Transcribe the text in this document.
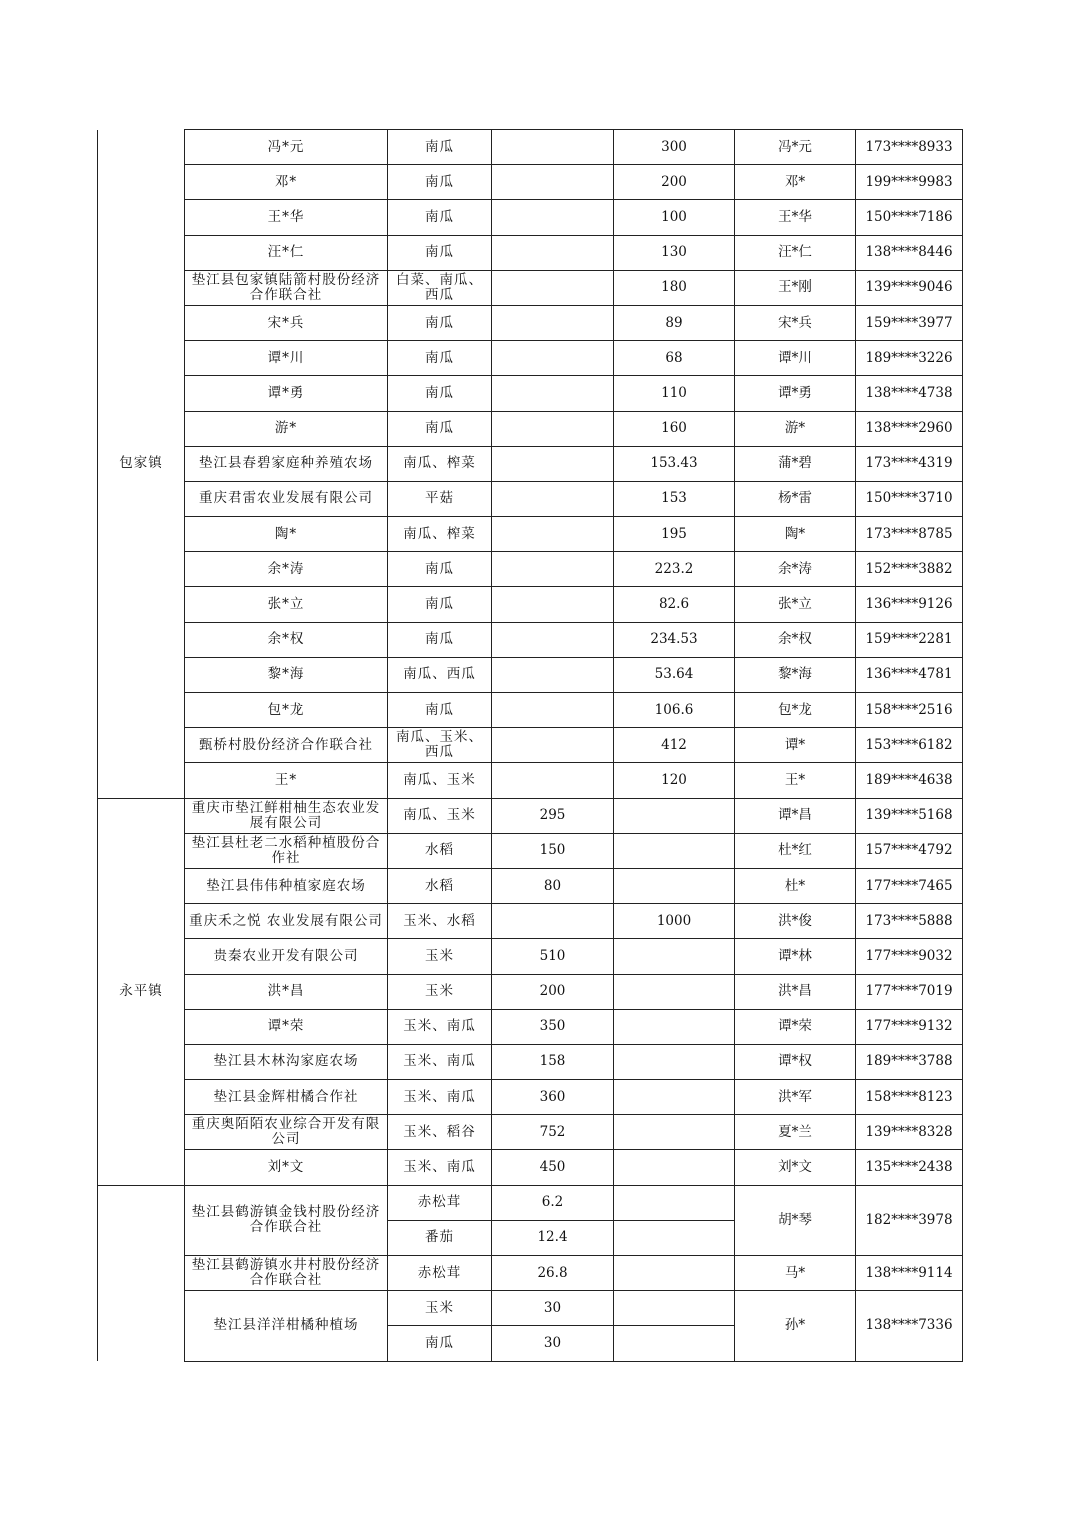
包家镇	冯*元	南瓜		300	冯*元	173****8933
	邓*	南瓜		200	邓*	199****9983
	王*华	南瓜		100	王*华	150****7186
	汪*仁	南瓜		130	汪*仁	138****8446
	垫江县包家镇陆箭村股份经济合作联合社	白菜、南瓜、西瓜		180	王*刚	139****9046
	宋*兵	南瓜		89	宋*兵	159****3977
	谭*川	南瓜		68	谭*川	189****3226
	谭*勇	南瓜		110	谭*勇	138****4738
	游*	南瓜		160	游*	138****2960
	垫江县春碧家庭种养殖农场	南瓜、榨菜		153.43	蒲*碧	173****4319
	重庆君雷农业发展有限公司	平菇		153	杨*雷	150****3710
	陶*	南瓜、榨菜		195	陶*	173****8785
	余*涛	南瓜		223.2	余*涛	152****3882
	张*立	南瓜		82.6	张*立	136****9126
	余*权	南瓜		234.53	余*权	159****2281
	黎*海	南瓜、西瓜		53.64	黎*海	136****4781
	包*龙	南瓜		106.6	包*龙	158****2516
	甄桥村股份经济合作联合社	南瓜、玉米、西瓜		412	谭*	153****6182
	王*	南瓜、玉米		120	王*	189****4638
永平镇	重庆市垫江鲜柑柚生态农业发展有限公司	南瓜、玉米	295		谭*昌	139****5168
	垫江县杜老二水稻种植股份合作社	水稻	150		杜*红	157****4792
	垫江县伟伟种植家庭农场	水稻	80		杜*	177****7465
	重庆禾之悦 农业发展有限公司	玉米、水稻		1000	洪*俊	173****5888
	贵秦农业开发有限公司	玉米	510		谭*林	177****9032
	洪*昌	玉米	200		洪*昌	177****7019
	谭*荣	玉米、南瓜	350		谭*荣	177****9132
	垫江县木林沟家庭农场	玉米、南瓜	158		谭*权	189****3788
	垫江县金辉柑橘合作社	玉米、南瓜	360		洪*军	158****8123
	重庆奥陌陌农业综合开发有限公司	玉米、稻谷	752		夏*兰	139****8328
	刘*文	玉米、南瓜	450		刘*文	135****2438
	垫江县鹤游镇金钱村股份经济合作联合社	赤松茸	6.2		胡*琴	182****3978
		番茄	12.4			
	垫江县鹤游镇水井村股份经济合作联合社	赤松茸	26.8		马*	138****9114
	垫江县洋洋柑橘种植场	玉米	30		孙*	138****7336
		南瓜	30			
